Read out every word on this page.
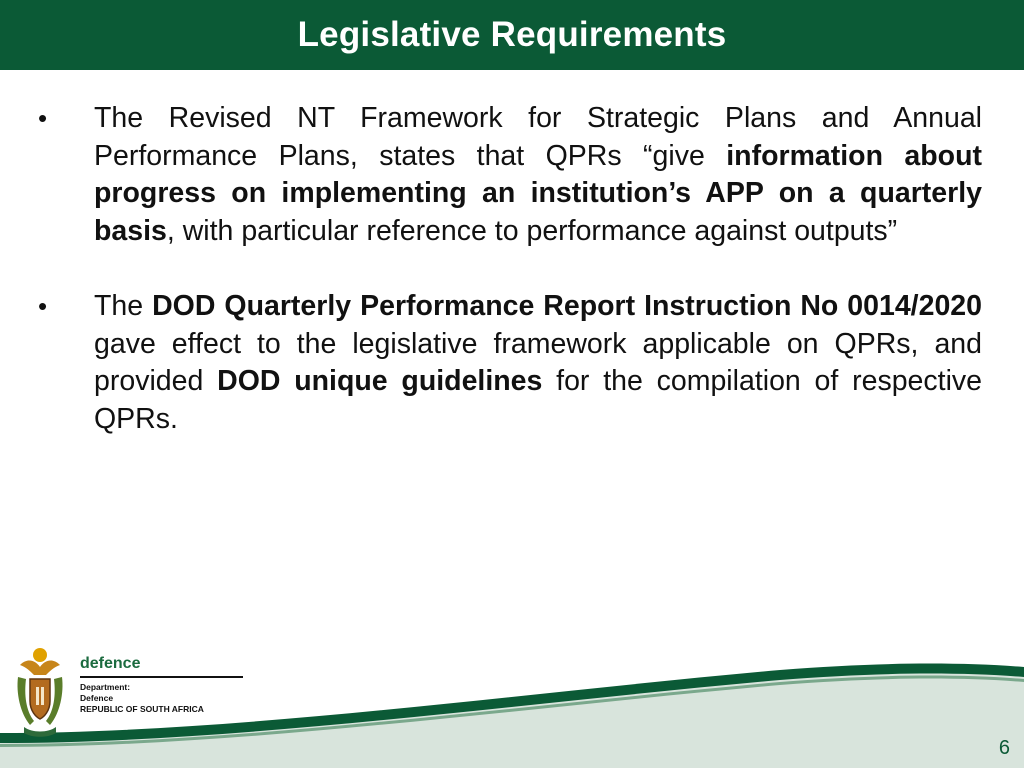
Legislative Requirements
•	The Revised NT Framework for Strategic Plans and Annual Performance Plans, states that QPRs “give information about progress on implementing an institution’s APP on a quarterly basis, with particular reference to performance against outputs”
•	The DOD Quarterly Performance Report Instruction No 0014/2020 gave effect to the legislative framework applicable on QPRs, and provided DOD unique guidelines for the compilation of respective QPRs.
defence
Department:
Defence
REPUBLIC OF SOUTH AFRICA
6
